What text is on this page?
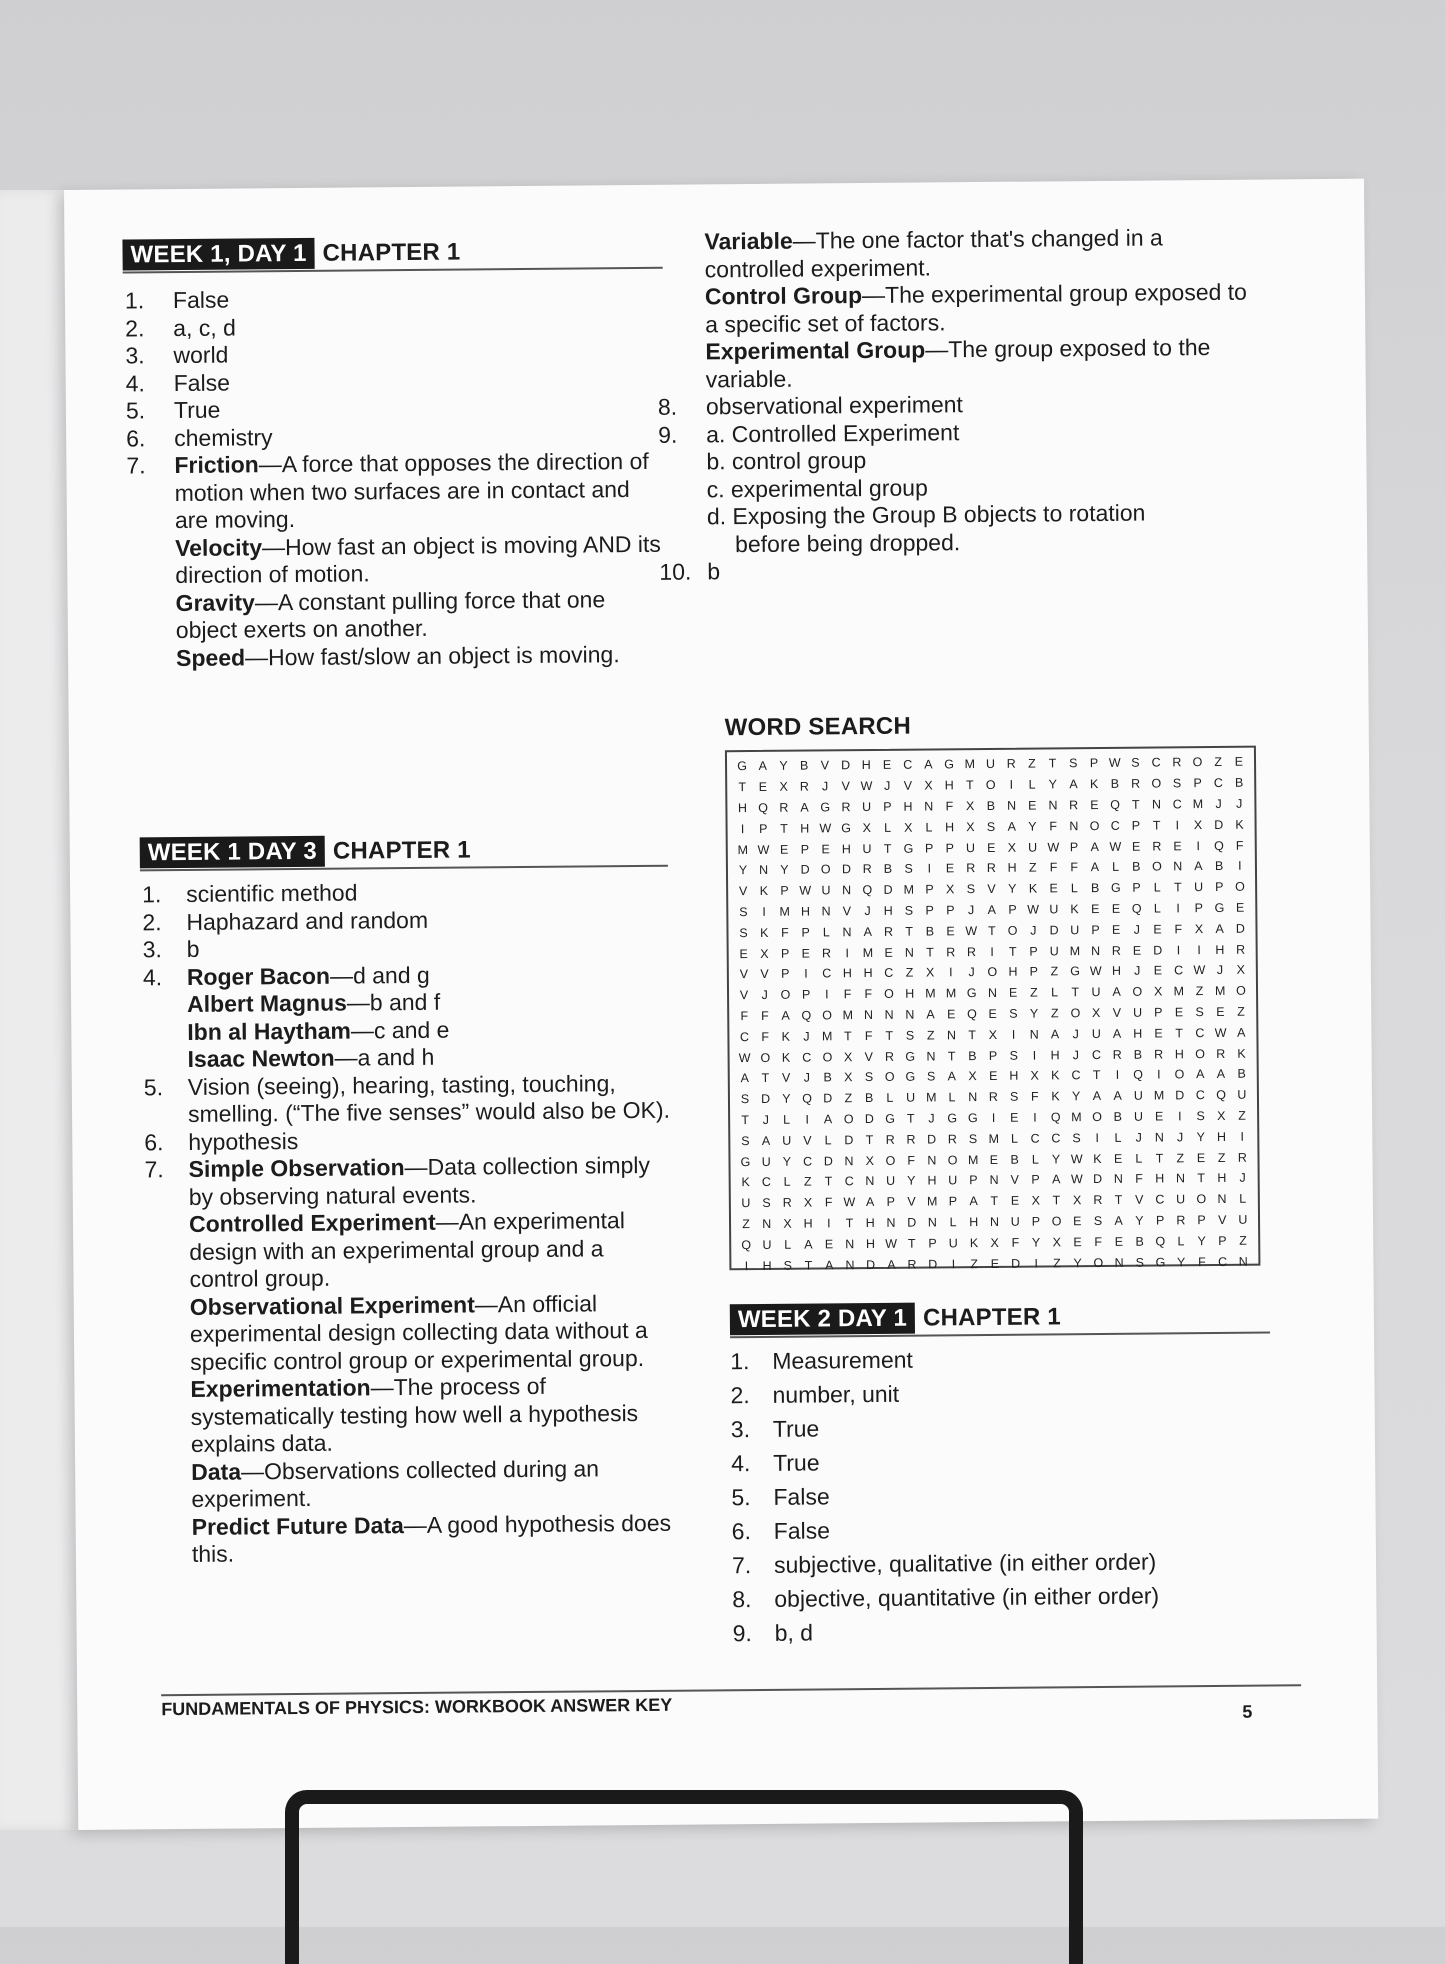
WEEK 1, DAY 1 CHAPTER 1
1.	False
2.	a, c, d
3.	world
4.	False
5.	True
6.	chemistry
7.	Friction—A force that opposes the direction of motion when two surfaces are in contact and are moving.
Velocity—How fast an object is moving AND its direction of motion.
Gravity—A constant pulling force that one object exerts on another.
Speed—How fast/slow an object is moving.
Variable—The one factor that's changed in a controlled experiment.
Control Group—The experimental group exposed to a specific set of factors.
Experimental Group—The group exposed to the variable.
8.	observational experiment
9.	a. Controlled Experiment
b. control group
c. experimental group
d. Exposing the Group B objects to rotation
before being dropped.
10. b
WORD SEARCH
G A Y B V D H E C A G M U R Z	T	S P W S C R O Z	E
T	E X R	J	V W J	V X H T O	I	L	Y A K B R O S P C B
H Q R A G R U P H N F	X B N E N R E Q T N C M J	J
I	P	T H W G X	L	X	L	H X S A Y	F N O C P	T	I	X D K
M W E P E H U T G P P U E X U W P A W E R E	I	Q F
Y N Y D O D R B S	I	E R R H Z	F	F	A	L	B O N A B	I
V K P W U N Q D M P X S V Y K E	L	B G P	L	T U P O
S	I	M H N V	J	H S P P	J	A P W U K E E Q L	I	P G E
S K	F	P	L	N A R T	B E W T O	J	D U P E	J	E	F	X A D
E X P E R	I	M E N T R R	I	T	P U M N R E D	I	I	H R
V V P	I	C H H C Z	X	I	J	O H P	Z G W H	J	E C W J	X
V	J	O P	I	F	F O H M M G N E	Z	L	T U A O X M Z M O
F	F	A Q O M N N N A E Q E S Y	Z O X V U P E S E	Z
C F	K	J M T	F	T	S	Z N T	X	I	N A	J	U A H E	T C W A
W O K C O X V R G N T	B P S	I	H	J	C R B R H O R K
A	T	V	J	B X S O G S A X E H X K C T	I	Q	I	O A A B
S D Y Q D Z	B	L	U M L	N R S	F	K Y A A U M D C Q U
T	J	L	I	A O D G T	J	G G	I	E	I	Q M O B U E	I	S X	Z
S A U V	L	D T R R D R S M L	C C S	I	L	J	N	J	Y H	I
G U Y C D N X O F N O M E B	L	Y W K E	L	T	Z	E	Z R
K C	L	Z	T C N U Y H U P N V P A W D N F H N T H	J
U S R X	F W A P V M P A	T	E X	T	X R T	V C U O N	L
Z N X H	I	T H N D N	L	H N U P O E S A Y P R P V U
Q U	L	A E N H W T	P U K X	F	Y X E	F	E B Q L	Y P	Z
I	H S	T	A N D A R D	I	Z	E D	I	Z	Y O N S G Y	F C N
WEEK 1 DAY 3 CHAPTER 1
1.	scientific method
2.	Haphazard and random
3.	b
4.	Roger Bacon—d and g
Albert Magnus—b and f
Ibn al Haytham—c and e
Isaac Newton—a and h
5.	Vision (seeing), hearing, tasting, touching, smelling. (“The five senses” would also be OK).
6.	hypothesis
7.	Simple Observation—Data collection simply by observing natural events.
Controlled Experiment—An experimental design with an experimental group and a control group.
Observational Experiment—An official experimental design collecting data without a specific control group or experimental group.
Experimentation—The process of systematically testing how well a hypothesis explains data.
Data—Observations collected during an experiment.
Predict Future Data—A good hypothesis does this.
WEEK 2 DAY 1 CHAPTER 1
1. Measurement
2. number, unit
3. True
4. True
5. False
6. False
7. subjective, qualitative (in either order)
8. objective, quantitative (in either order)
9. b, d
FUNDAMENTALS OF PHYSICS: WORKBOOK ANSWER KEY	5
